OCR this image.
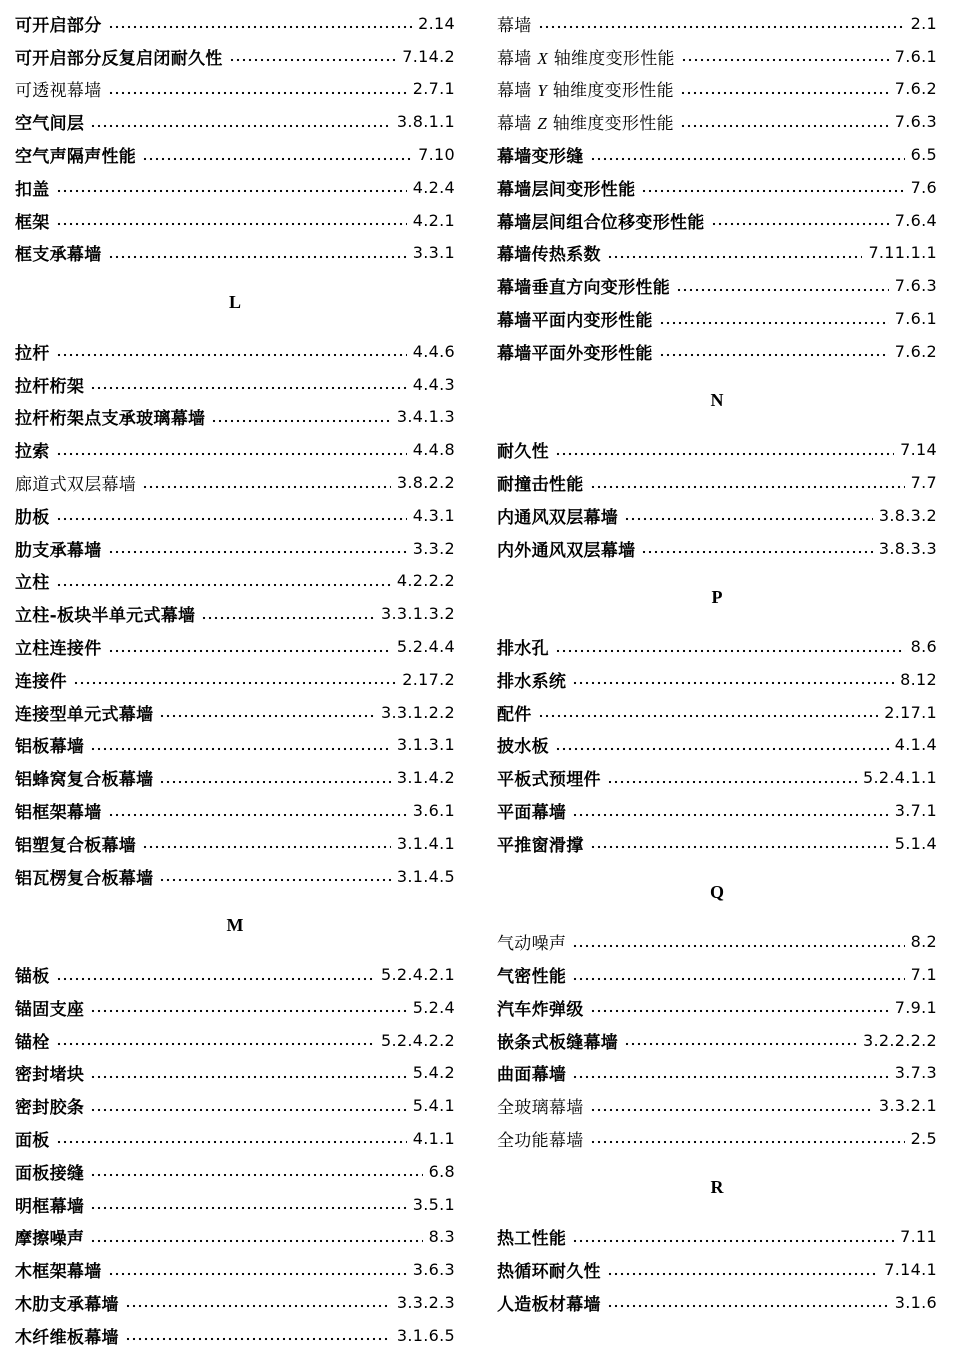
可开启部分	2.14
可开启部分反复启闭耐久性	7.14.2
可透视幕墙	2.7.1
空气间层	3.8.1.1
空气声隔声性能	7.10
扣盖	4.2.4
框架	4.2.1
框支承幕墙	3.3.1
L
拉杆	4.4.6
拉杆桁架	4.4.3
拉杆桁架点支承玻璃幕墙	3.4.1.3
拉索	4.4.8
廊道式双层幕墙	3.8.2.2
肋板	4.3.1
肋支承幕墙	3.3.2
立柱	4.2.2.2
立柱-板块半单元式幕墙	3.3.1.3.2
立柱连接件	5.2.4.4
连接件	2.17.2
连接型单元式幕墙	3.3.1.2.2
铝板幕墙	3.1.3.1
铝蜂窝复合板幕墙	3.1.4.2
铝框架幕墙	3.6.1
铝塑复合板幕墙	3.1.4.1
铝瓦楞复合板幕墙	3.1.4.5
M
锚板	5.2.4.2.1
锚固支座	5.2.4
锚栓	5.2.4.2.2
密封堵块	5.4.2
密封胶条	5.4.1
面板	4.1.1
面板接缝	6.8
明框幕墙	3.5.1
摩擦噪声	8.3
木框架幕墙	3.6.3
木肋支承幕墙	3.3.2.3
木纤维板幕墙	3.1.6.5
幕墙	2.1
幕墙 X 轴维度变形性能	7.6.1
幕墙 Y 轴维度变形性能	7.6.2
幕墙 Z 轴维度变形性能	7.6.3
幕墙变形缝	6.5
幕墙层间变形性能	7.6
幕墙层间组合位移变形性能	7.6.4
幕墙传热系数	7.11.1.1
幕墙垂直方向变形性能	7.6.3
幕墙平面内变形性能	7.6.1
幕墙平面外变形性能	7.6.2
N
耐久性	7.14
耐撞击性能	7.7
内通风双层幕墙	3.8.3.2
内外通风双层幕墙	3.8.3.3
P
排水孔	8.6
排水系统	8.12
配件	2.17.1
披水板	4.1.4
平板式预埋件	5.2.4.1.1
平面幕墙	3.7.1
平推窗滑撑	5.1.4
Q
气动噪声	8.2
气密性能	7.1
汽车炸弹级	7.9.1
嵌条式板缝幕墙	3.2.2.2.2
曲面幕墙	3.7.3
全玻璃幕墙	3.3.2.1
全功能幕墙	2.5
R
热工性能	7.11
热循环耐久性	7.14.1
人造板材幕墙	3.1.6
